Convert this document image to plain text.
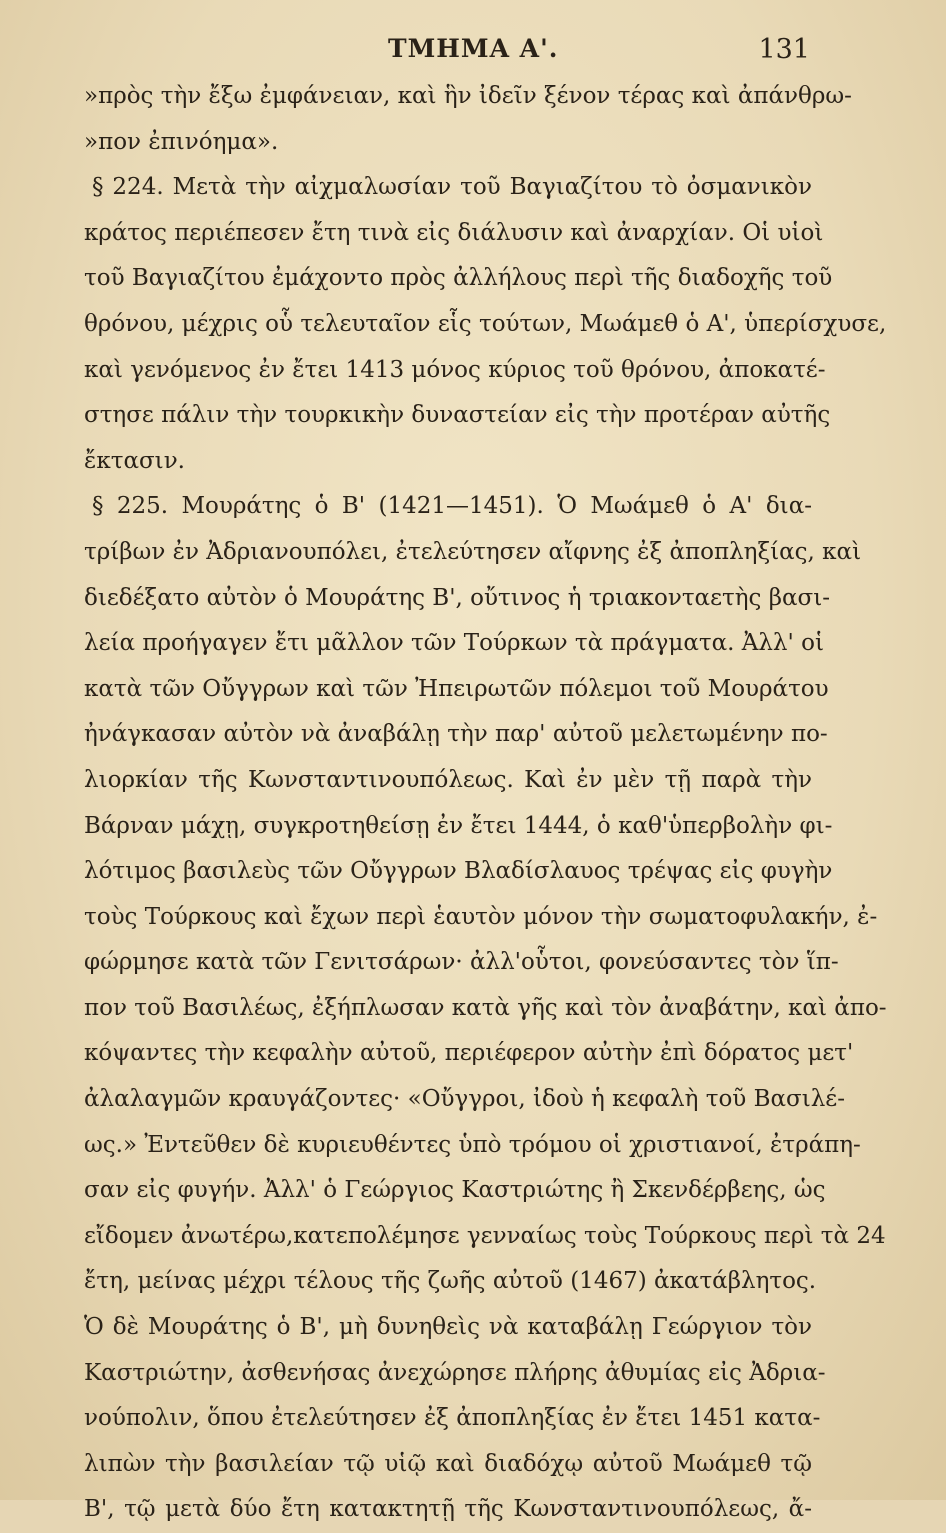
ΤΜΗΜΑ Α'.	131
»πρὸς τὴν ἔξω ἐμφάνειαν, καὶ ἣν ἰδεῖν ξένον τέρας καὶ ἀπάνθρω-
»πον ἐπινόημα».
§ 224. Μετὰ τὴν αἰχμαλωσίαν τοῦ Βαγιαζίτου τὸ ὀσμανικὸν
κράτος περιέπεσεν ἔτη τινὰ εἰς διάλυσιν καὶ ἀναρχίαν. Οἱ υἱοὶ
τοῦ Βαγιαζίτου ἐμάχοντο πρὸς ἀλλήλους περὶ τῆς διαδοχῆς τοῦ
θρόνου, μέχρις οὗ τελευταῖον εἷς τούτων, Μωάμεθ ὁ Α', ὑπερίσχυσε,
καὶ γενόμενος ἐν ἔτει 1413 μόνος κύριος τοῦ θρόνου, ἀποκατέ-
στησε πάλιν τὴν τουρκικὴν δυναστείαν εἰς τὴν προτέραν αὐτῆς
ἔκτασιν.
§ 225. Μουράτης ὁ Β' (1421—1451). Ὁ Μωάμεθ ὁ Α' δια-
τρίβων ἐν Ἀδριανουπόλει, ἐτελεύτησεν αἴφνης ἐξ ἀποπληξίας, καὶ
διεδέξατο αὐτὸν ὁ Μουράτης Β', οὔτινος ἡ τριακονταετὴς βασι-
λεία προήγαγεν ἔτι μᾶλλον τῶν Τούρκων τὰ πράγματα. Ἀλλ' οἱ
κατὰ τῶν Οὔγγρων καὶ τῶν Ἠπειρωτῶν πόλεμοι τοῦ Μουράτου
ἠνάγκασαν αὐτὸν νὰ ἀναβάλῃ τὴν παρ' αὐτοῦ μελετωμένην πο-
λιορκίαν τῆς Κωνσταντινουπόλεως. Καὶ ἐν μὲν τῇ παρὰ τὴν
Βάρναν μάχῃ, συγκροτηθείσῃ ἐν ἔτει 1444, ὁ καθ'ὑπερβολὴν φι-
λότιμος βασιλεὺς τῶν Οὔγγρων Βλαδίσλαυος τρέψας εἰς φυγὴν
τοὺς Τούρκους καὶ ἔχων περὶ ἑαυτὸν μόνον τὴν σωματοφυλακήν, ἐ-
φώρμησε κατὰ τῶν Γενιτσάρων· ἀλλ'οὗτοι, φονεύσαντες τὸν ἵπ-
πον τοῦ Βασιλέως, ἐξήπλωσαν κατὰ γῆς καὶ τὸν ἀναβάτην, καὶ ἀπο-
κόψαντες τὴν κεφαλὴν αὐτοῦ, περιέφερον αὐτὴν ἐπὶ δόρατος μετ'
ἀλαλαγμῶν κραυγάζοντες· «Οὔγγροι, ἰδοὺ ἡ κεφαλὴ τοῦ Βασιλέ-
ως.» Ἐντεῦθεν δὲ κυριευθέντες ὑπὸ τρόμου οἱ χριστιανοί, ἐτράπη-
σαν εἰς φυγήν. Ἀλλ' ὁ Γεώργιος Καστριώτης ἢ Σκενδέρβεης, ὡς
εἴδομεν ἀνωτέρω,κατεπολέμησε γενναίως τοὺς Τούρκους περὶ τὰ 24
ἔτη, μείνας μέχρι τέλους τῆς ζωῆς αὐτοῦ (1467) ἀκατάβλητος.
Ὁ δὲ Μουράτης ὁ Β', μὴ δυνηθεὶς νὰ καταβάλῃ Γεώργιον τὸν
Καστριώτην, ἀσθενήσας ἀνεχώρησε πλήρης ἀθυμίας εἰς Ἀδρια-
νούπολιν, ὅπου ἐτελεύτησεν ἐξ ἀποπληξίας ἐν ἔτει 1451 κατα-
λιπὼν τὴν βασιλείαν τῷ υἱῷ καὶ διαδόχῳ αὐτοῦ Μωάμεθ τῷ
Β', τῷ μετὰ δύο ἔτη κατακτητῇ τῆς Κωνσταντινουπόλεως, ἄ-
